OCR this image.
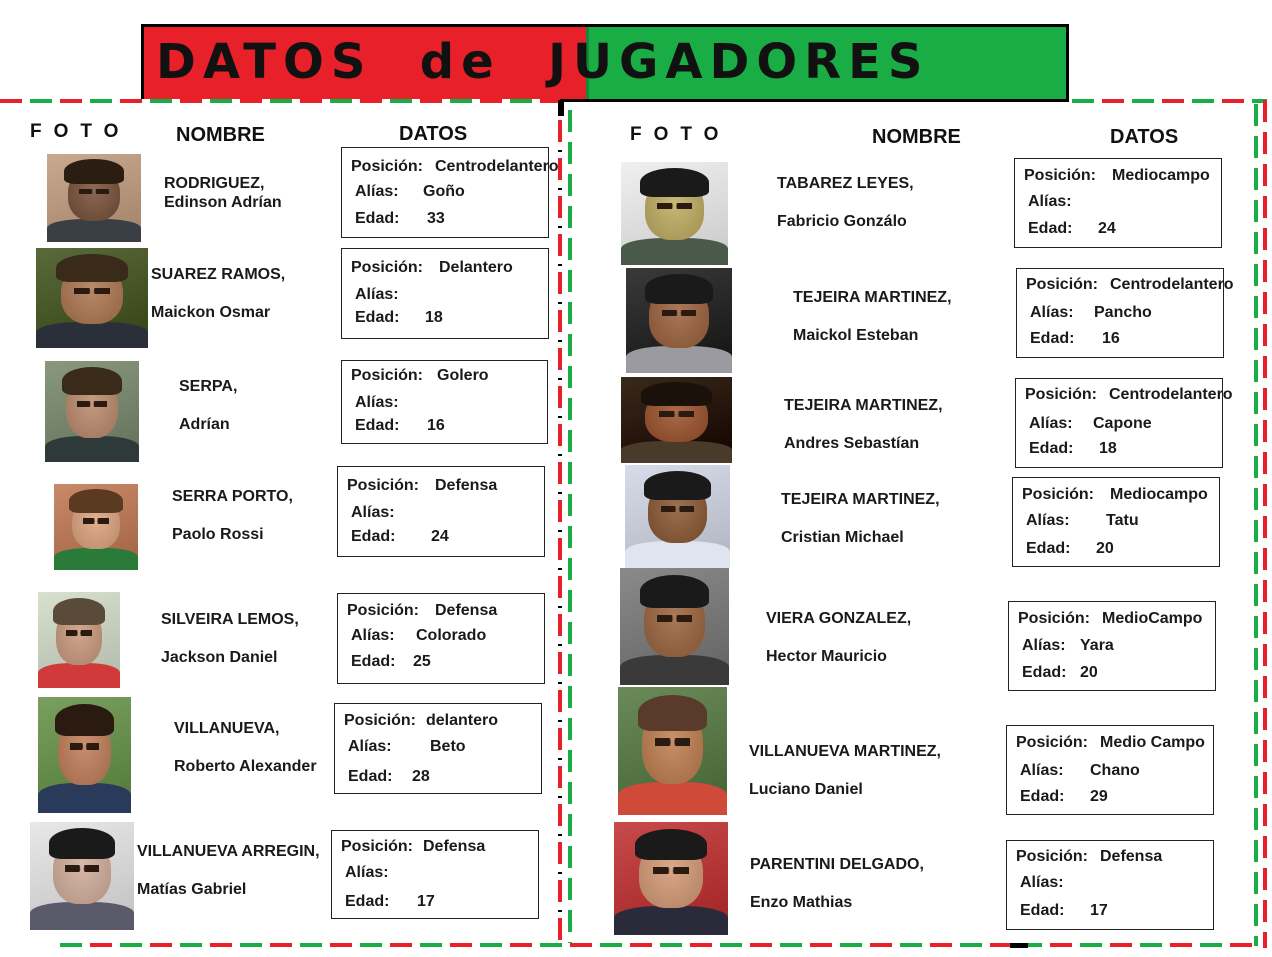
DATOS  de  JUGADORES
FOTO NOMBRE	DATOS	FOTO	NOMBRE	DATOS
RODRIGUEZ,
Edinson Adrían
Posición: Centrodelantero
Alías: Goño
Edad: 33
SUAREZ RAMOS,
Maickon Osmar
Posición: Delantero
Alías:
Edad: 18
SERPA,
Adrían
Posición: Golero
Alías:
Edad: 16
SERRA PORTO,
Paolo Rossi
Posición: Defensa
Alías:
Edad: 24
SILVEIRA LEMOS,
Jackson Daniel
Posición: Defensa
Alías: Colorado
Edad: 25
VILLANUEVA,
Roberto Alexander
Posición: delantero
Alías: Beto
Edad: 28
VILLANUEVA ARREGIN,
Matías Gabriel
Posición: Defensa
Alías:
Edad: 17
TABAREZ LEYES,
Fabricio Gonzálo
Posición: Mediocampo
Alías:
Edad: 24
TEJEIRA MARTINEZ,
Maickol Esteban
Posición: Centrodelantero
Alías: Pancho
Edad: 16
TEJEIRA MARTINEZ,
Andres Sebastían
Posición: Centrodelantero
Alías: Capone
Edad: 18
TEJEIRA MARTINEZ,
Cristian Michael
Posición: Mediocampo
Alías: Tatu
Edad: 20
VIERA GONZALEZ,
Hector Mauricio
Posición: MedioCampo
Alías: Yara
Edad: 20
VILLANUEVA MARTINEZ,
Luciano Daniel
Posición: Medio Campo
Alías: Chano
Edad: 29
PARENTINI DELGADO,
Enzo Mathias
Posición: Defensa
Alías:
Edad: 17
